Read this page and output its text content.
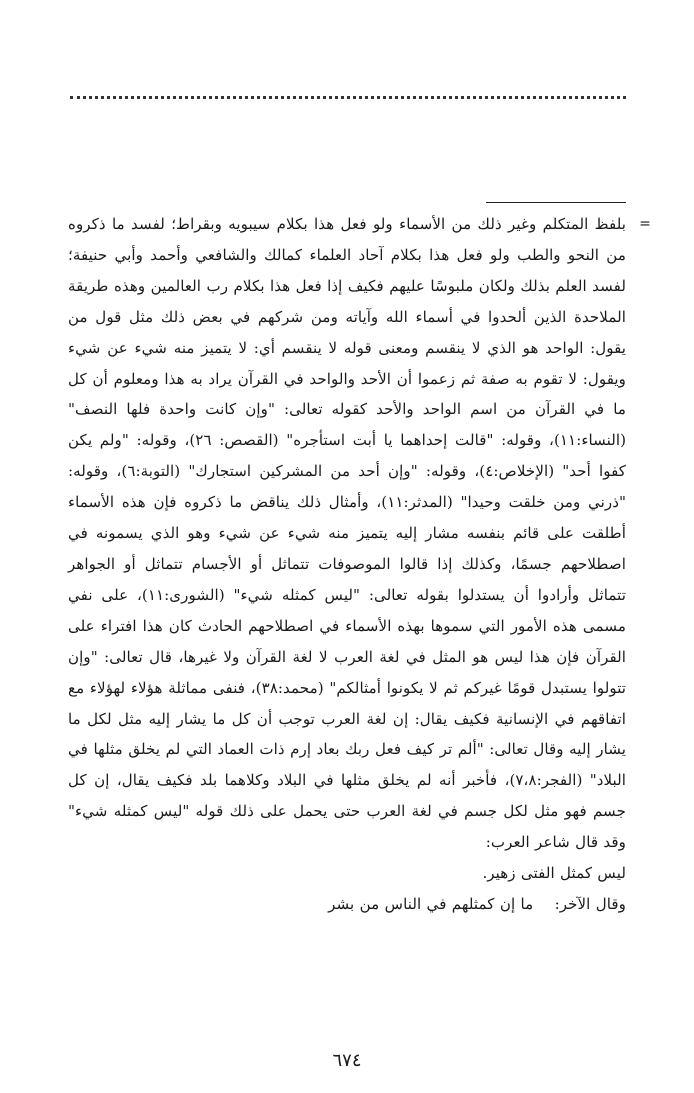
=

بلفظ المتكلم وغير ذلك من الأسماء ولو فعل هذا بكلام سيبويه وبقراط؛ لفسد ما ذكروه من النحو والطب ولو فعل هذا بكلام آحاد العلماء كمالك والشافعي وأحمد وأبي حنيفة؛ لفسد العلم بذلك ولكان ملبوسًا عليهم فكيف إذا فعل هذا بكلام رب العالمين وهذه طريقة الملاحدة الذين ألحدوا في أسماء الله وآياته ومن شركهم في بعض ذلك مثل قول من يقول: الواحد هو الذي لا ينقسم ومعنى قوله لا ينقسم أي: لا يتميز منه شيء عن شيء ويقول: لا تقوم به صفة ثم زعموا أن الأحد والواحد في القرآن يراد به هذا ومعلوم أن كل ما في القرآن من اسم الواحد والأحد كقوله تعالى: "وإن كانت واحدة فلها النصف" (النساء:١١)، وقوله: "قالت إحداهما يا أبت استأجره" (القصص: ٢٦)، وقوله: "ولم يكن كفوا أحد" (الإخلاص:٤)، وقوله: "وإن أحد من المشركين استجارك" (التوبة:٦)، وقوله: "ذرني ومن خلقت وحيدا" (المدثر:١١)، وأمثال ذلك يناقض ما ذكروه فإن هذه الأسماء أطلقت على قائم بنفسه مشار إليه يتميز منه شيء عن شيء وهو الذي يسمونه في اصطلاحهم جسمًا، وكذلك إذا قالوا الموصوفات تتماثل أو الأجسام تتماثل أو الجواهر تتماثل وأرادوا أن يستدلوا بقوله تعالى: "ليس كمثله شيء" (الشورى:١١)، على نفي مسمى هذه الأمور التي سموها بهذه الأسماء في اصطلاحهم الحادث كان هذا افتراء على القرآن فإن هذا ليس هو المثل في لغة العرب لا لغة القرآن ولا غيرها، قال تعالى: "وإن تتولوا يستبدل قومًا غيركم ثم لا يكونوا أمثالكم" (محمد:٣٨)، فنفى مماثلة هؤلاء لهؤلاء مع اتفاقهم في الإنسانية فكيف يقال: إن لغة العرب توجب أن كل ما يشار إليه مثل لكل ما يشار إليه وقال تعالى: "ألم تر كيف فعل ربك بعاد إرم ذات العماد التي لم يخلق مثلها في البلاد" (الفجر:٧،٨)، فأخبر أنه لم يخلق مثلها في البلاد وكلاهما بلد فكيف يقال، إن كل جسم فهو مثل لكل جسم في لغة العرب حتى يحمل على ذلك قوله "ليس كمثله شيء" وقد قال شاعر العرب:

ليس كمثل الفتى زهير.
وقال الآخر: ما إن كمثلهم في الناس من بشر
٦٧٤
